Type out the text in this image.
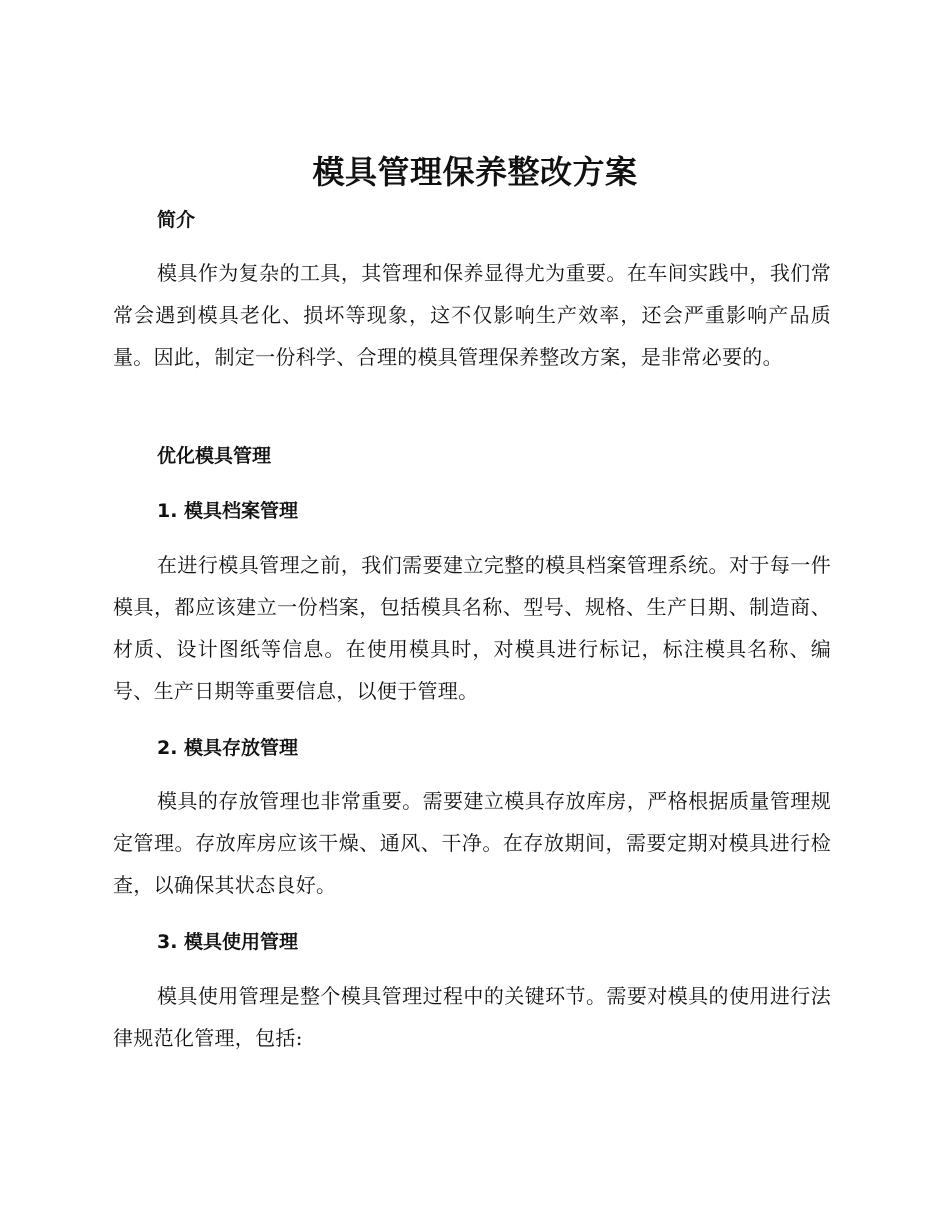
模具管理保养整改方案
简介

模具作为复杂的工具，其管理和保养显得尤为重要。在车间实践中，我们常常会遇到模具老化、损坏等现象，这不仅影响生产效率，还会严重影响产品质量。因此，制定一份科学、合理的模具管理保养整改方案，是非常必要的。

优化模具管理
1. 模具档案管理

在进行模具管理之前，我们需要建立完整的模具档案管理系统。对于每一件模具，都应该建立一份档案，包括模具名称、型号、规格、生产日期、制造商、材质、设计图纸等信息。在使用模具时，对模具进行标记，标注模具名称、编号、生产日期等重要信息，以便于管理。

2. 模具存放管理

模具的存放管理也非常重要。需要建立模具存放库房，严格根据质量管理规定管理。存放库房应该干燥、通风、干净。在存放期间，需要定期对模具进行检查，以确保其状态良好。

3. 模具使用管理

模具使用管理是整个模具管理过程中的关键环节。需要对模具的使用进行法律规范化管理，包括:
